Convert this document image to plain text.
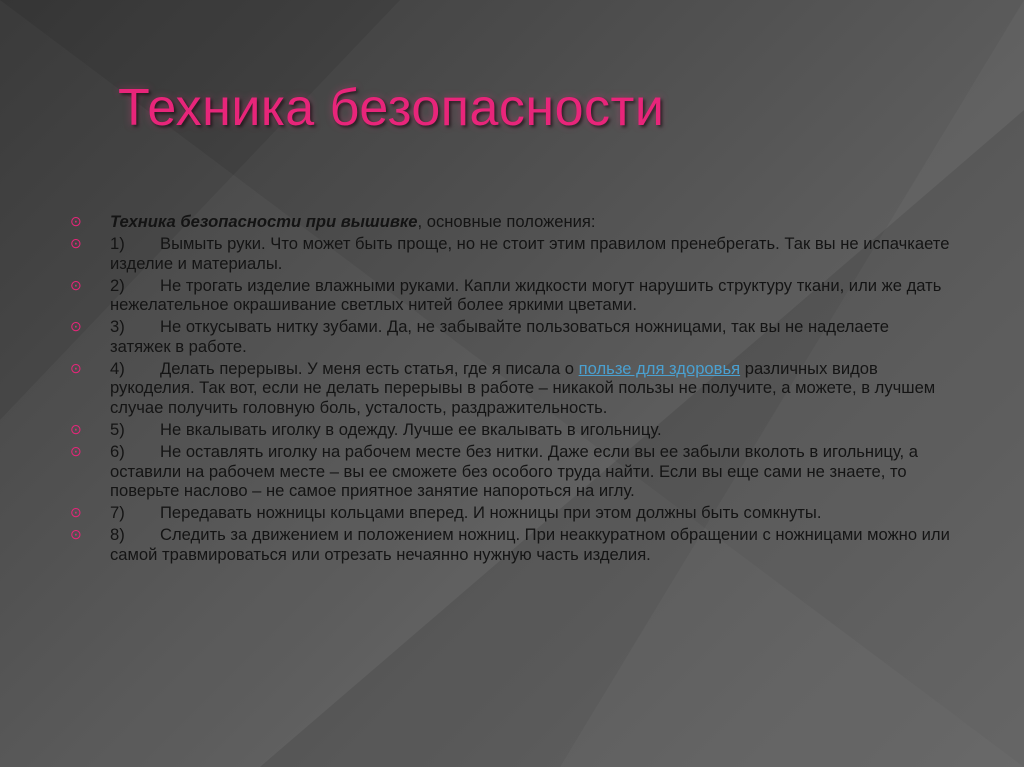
Техника безопасности
⊙ Техника безопасности при вышивке, основные положения:
⊙ 1) Вымыть руки. Что может быть проще, но не стоит этим правилом пренебрегать. Так вы не испачкаете изделие и материалы.
⊙ 2) Не трогать изделие влажными руками. Капли жидкости могут нарушить структуру ткани, или же дать нежелательное окрашивание светлых нитей более яркими цветами.
⊙ 3) Не откусывать нитку зубами. Да, не забывайте пользоваться ножницами, так вы не наделаете затяжек в работе.
⊙ 4) Делать перерывы. У меня есть статья, где я писала о пользе для здоровья различных видов рукоделия. Так вот, если не делать перерывы в работе – никакой пользы не получите, а можете, в лучшем случае получить головную боль, усталость, раздражительность.
⊙ 5) Не вкалывать иголку в одежду. Лучше ее вкалывать в игольницу.
⊙ 6) Не оставлять иголку на рабочем месте без нитки. Даже если вы ее забыли вколоть в игольницу, а оставили на рабочем месте – вы ее сможете без особого труда найти. Если вы еще сами не знаете, то поверьте наслово – не самое приятное занятие напороться на иглу.
⊙ 7) Передавать ножницы кольцами вперед. И ножницы при этом должны быть сомкнуты.
⊙ 8) Следить за движением и положением ножниц. При неаккуратном обращении с ножницами можно или самой травмироваться или отрезать нечаянно нужную часть изделия.
